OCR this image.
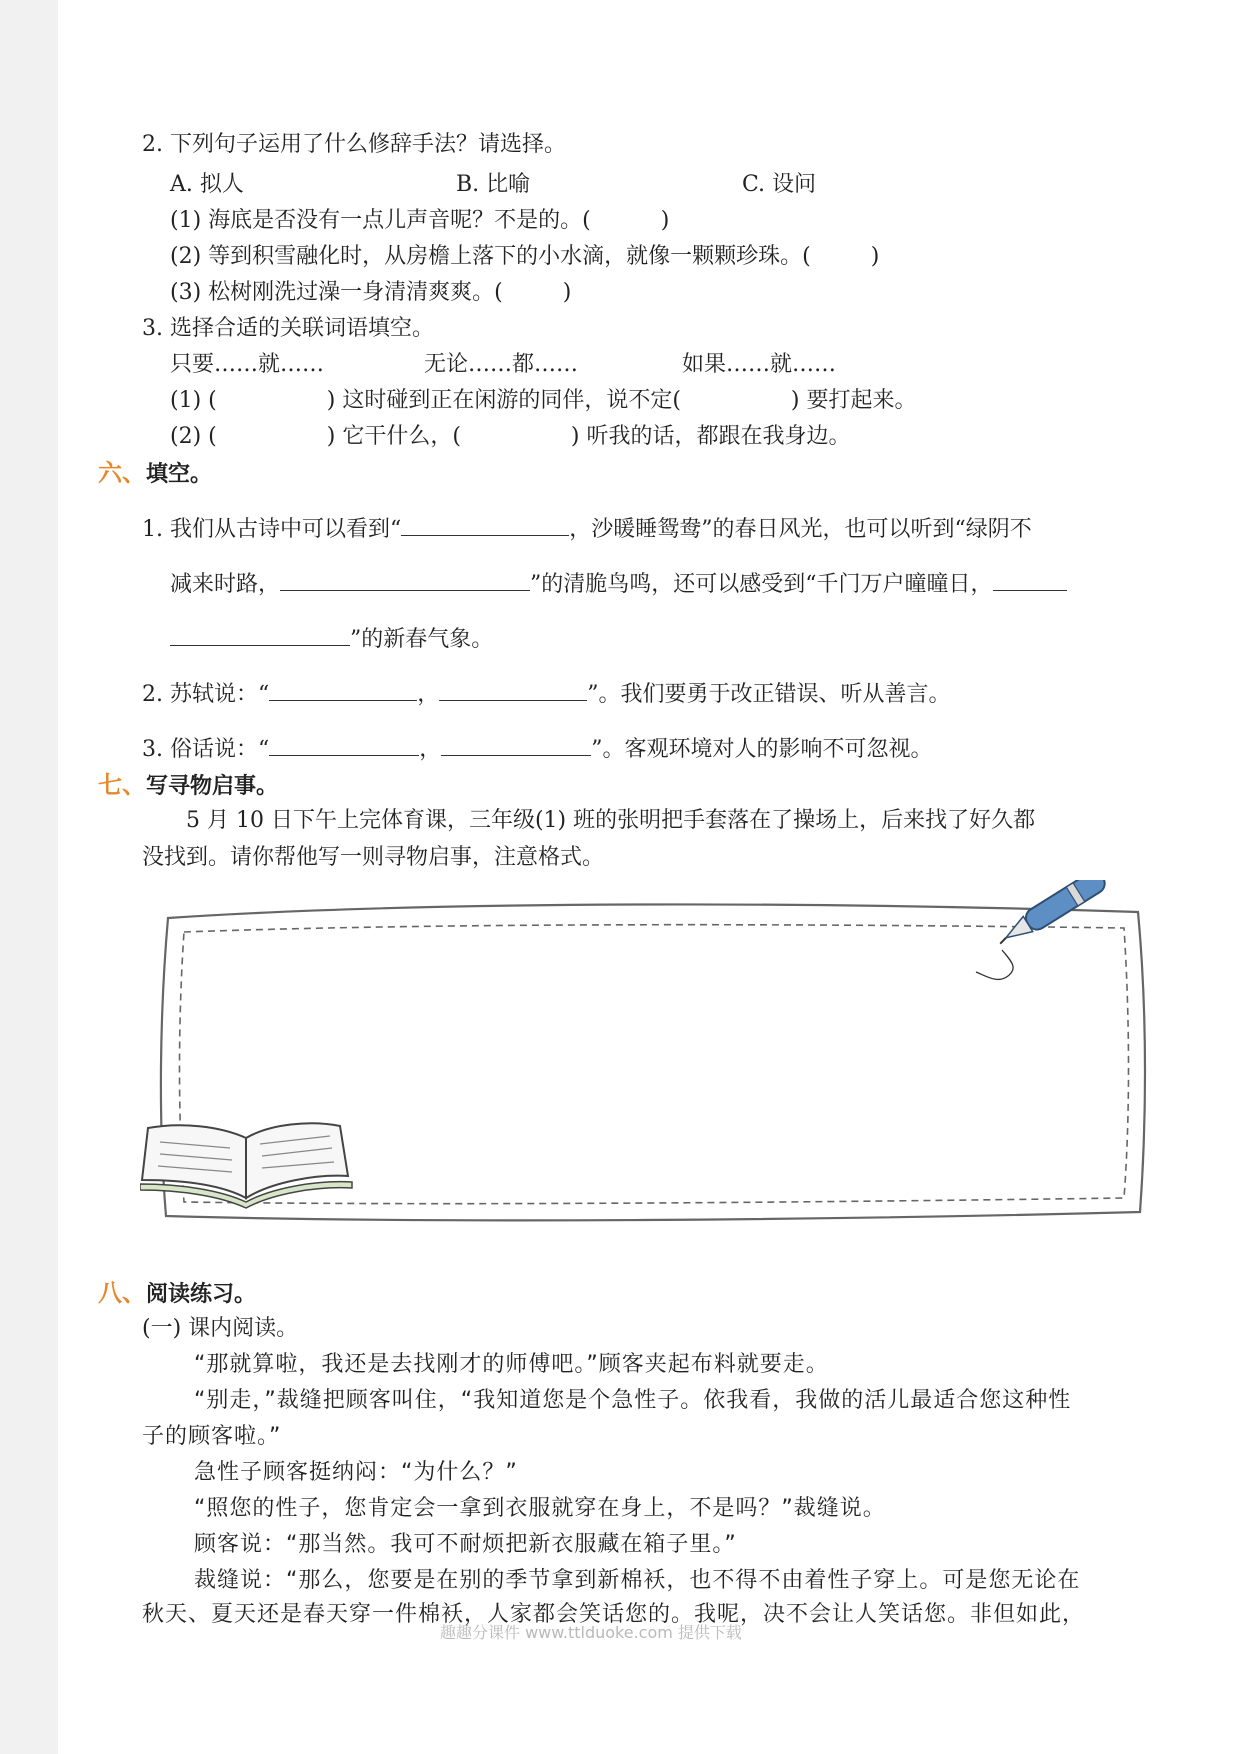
2. 下列句子运用了什么修辞手法？请选择。
A. 拟人	B. 比喻	C. 设问
(1) 海底是否没有一点儿声音呢？不是的。(	)
(2) 等到积雪融化时，从房檐上落下的小水滴，就像一颗颗珍珠。(	)
(3) 松树刚洗过澡一身清清爽爽。(	)
3. 选择合适的关联词语填空。
只要……就……	无论……都……	如果……就……
(1) (	) 这时碰到正在闲游的同伴，说不定(	) 要打起来。
(2) (	) 它干什么，(	) 听我的话，都跟在我身边。
六、填空。
1. 我们从古诗中可以看到“	，沙暖睡鸳鸯”的春日风光，也可以听到“绿阴不
减来时路，	”的清脆鸟鸣，还可以感受到“千门万户曈曈日，
”的新春气象。
2. 苏轼说：“	，	”。我们要勇于改正错误、听从善言。
3. 俗话说：“	，	”。客观环境对人的影响不可忽视。
七、写寻物启事。
5 月 10 日下午上完体育课，三年级(1) 班的张明把手套落在了操场上，后来找了好久都
没找到。请你帮他写一则寻物启事，注意格式。
八、阅读练习。
(一) 课内阅读。
“那就算啦，我还是去找刚才的师傅吧。”顾客夹起布料就要走。
“别走，”裁缝把顾客叫住，“我知道您是个急性子。依我看，我做的活儿最适合您这种性
子的顾客啦。”
急性子顾客挺纳闷：“为什么？”
“照您的性子，您肯定会一拿到衣服就穿在身上，不是吗？”裁缝说。
顾客说：“那当然。我可不耐烦把新衣服藏在箱子里。”
裁缝说：“那么，您要是在别的季节拿到新棉袄，也不得不由着性子穿上。可是您无论在
秋天、夏天还是春天穿一件棉袄，人家都会笑话您的。我呢，决不会让人笑话您。非但如此，
趣趣分课件 www.ttlduoke.com 提供下载
